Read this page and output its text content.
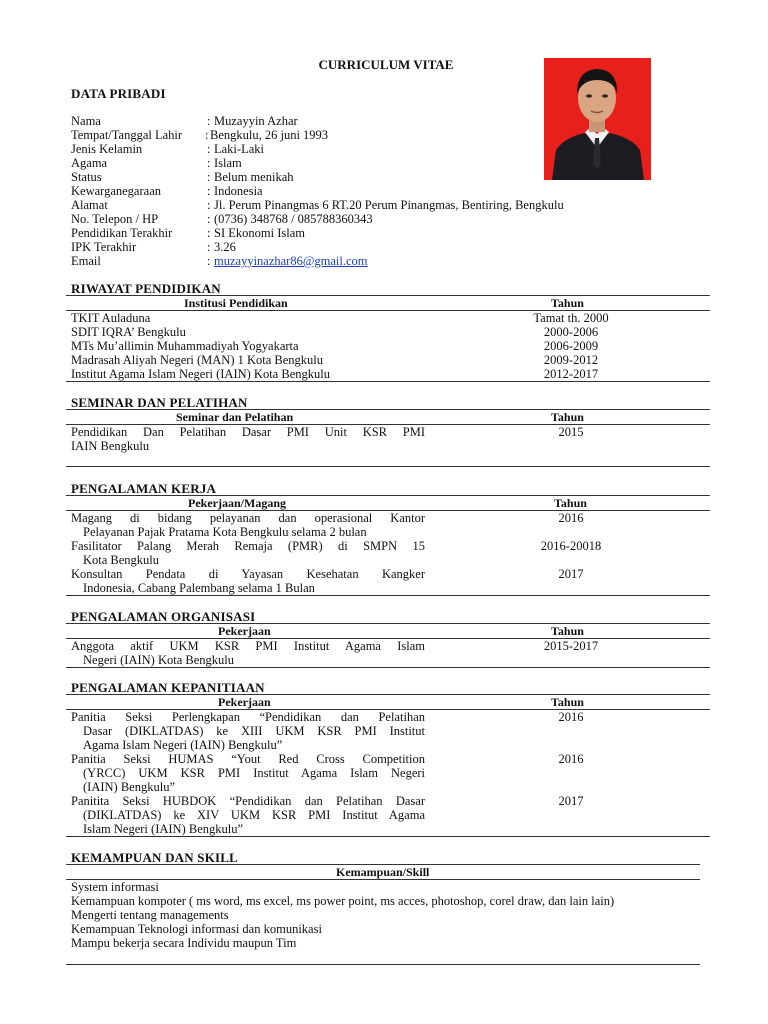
CURRICULUM VITAE
DATA PRIBADI
Nama	: Muzayyin Azhar
Tempat/Tanggal Lahir : Bengkulu, 26 juni 1993
Jenis Kelamin	: Laki-Laki
Agama	: Islam
Status	: Belum menikah
Kewarganegaraan	: Indonesia
Alamat	: Jl. Perum Pinangmas 6 RT.20 Perum Pinangmas, Bentiring, Bengkulu
No. Telepon / HP	: (0736) 348768 / 085788360343
Pendidikan Terakhir	: SI Ekonomi Islam
IPK Terakhir	: 3.26
Email	: muzayyinazhar86@gmail.com
RIWAYAT PENDIDIKAN
Institusi Pendidikan	Tahun
TKIT Auladuna	Tamat th. 2000
SDIT IQRA’ Bengkulu	2000-2006
MTs Mu’allimin Muhammadiyah Yogyakarta	2006-2009
Madrasah Aliyah Negeri (MAN) 1 Kota Bengkulu	2009-2012
Institut Agama Islam Negeri (IAIN) Kota Bengkulu	2012-2017
SEMINAR DAN PELATIHAN
Seminar dan Pelatihan	Tahun
Pendidikan Dan Pelatihan Dasar PMI Unit KSR PMI
IAIN Bengkulu
2015
PENGALAMAN KERJA
Pekerjaan/Magang	Tahun
Magang di bidang pelayanan dan operasional Kantor
Pelayanan Pajak Pratama Kota Bengkulu selama 2 bulan
2016
Fasilitator Palang Merah Remaja (PMR) di SMPN 15
Kota Bengkulu
2016-20018
Konsultan Pendata di Yayasan Kesehatan Kangker
Indonesia, Cabang Palembang selama 1 Bulan
2017
PENGALAMAN ORGANISASI
Pekerjaan	Tahun
Anggota aktif UKM KSR PMI Institut Agama Islam
Negeri (IAIN) Kota Bengkulu
2015-2017
PENGALAMAN KEPANITIAAN
Pekerjaan	Tahun
Panitia Seksi Perlengkapan “Pendidikan dan Pelatihan
Dasar (DIKLATDAS) ke XIII UKM KSR PMI Institut
Agama Islam Negeri (IAIN) Bengkulu”
2016
Panitia Seksi HUMAS “Yout Red Cross Competition
(YRCC) UKM KSR PMI Institut Agama Islam Negeri
(IAIN) Bengkulu”
2016
Panitita Seksi HUBDOK “Pendidikan dan Pelatihan Dasar
(DIKLATDAS) ke XIV UKM KSR PMI Institut Agama
Islam Negeri (IAIN) Bengkulu”
2017
KEMAMPUAN DAN SKILL
Kemampuan/Skill
System informasi
Kemampuan kompoter ( ms word, ms excel, ms power point, ms acces, photoshop, corel draw, dan lain lain)
Mengerti tentang managements
Kemampuan Teknologi informasi dan komunikasi
Mampu bekerja secara Individu maupun Tim
